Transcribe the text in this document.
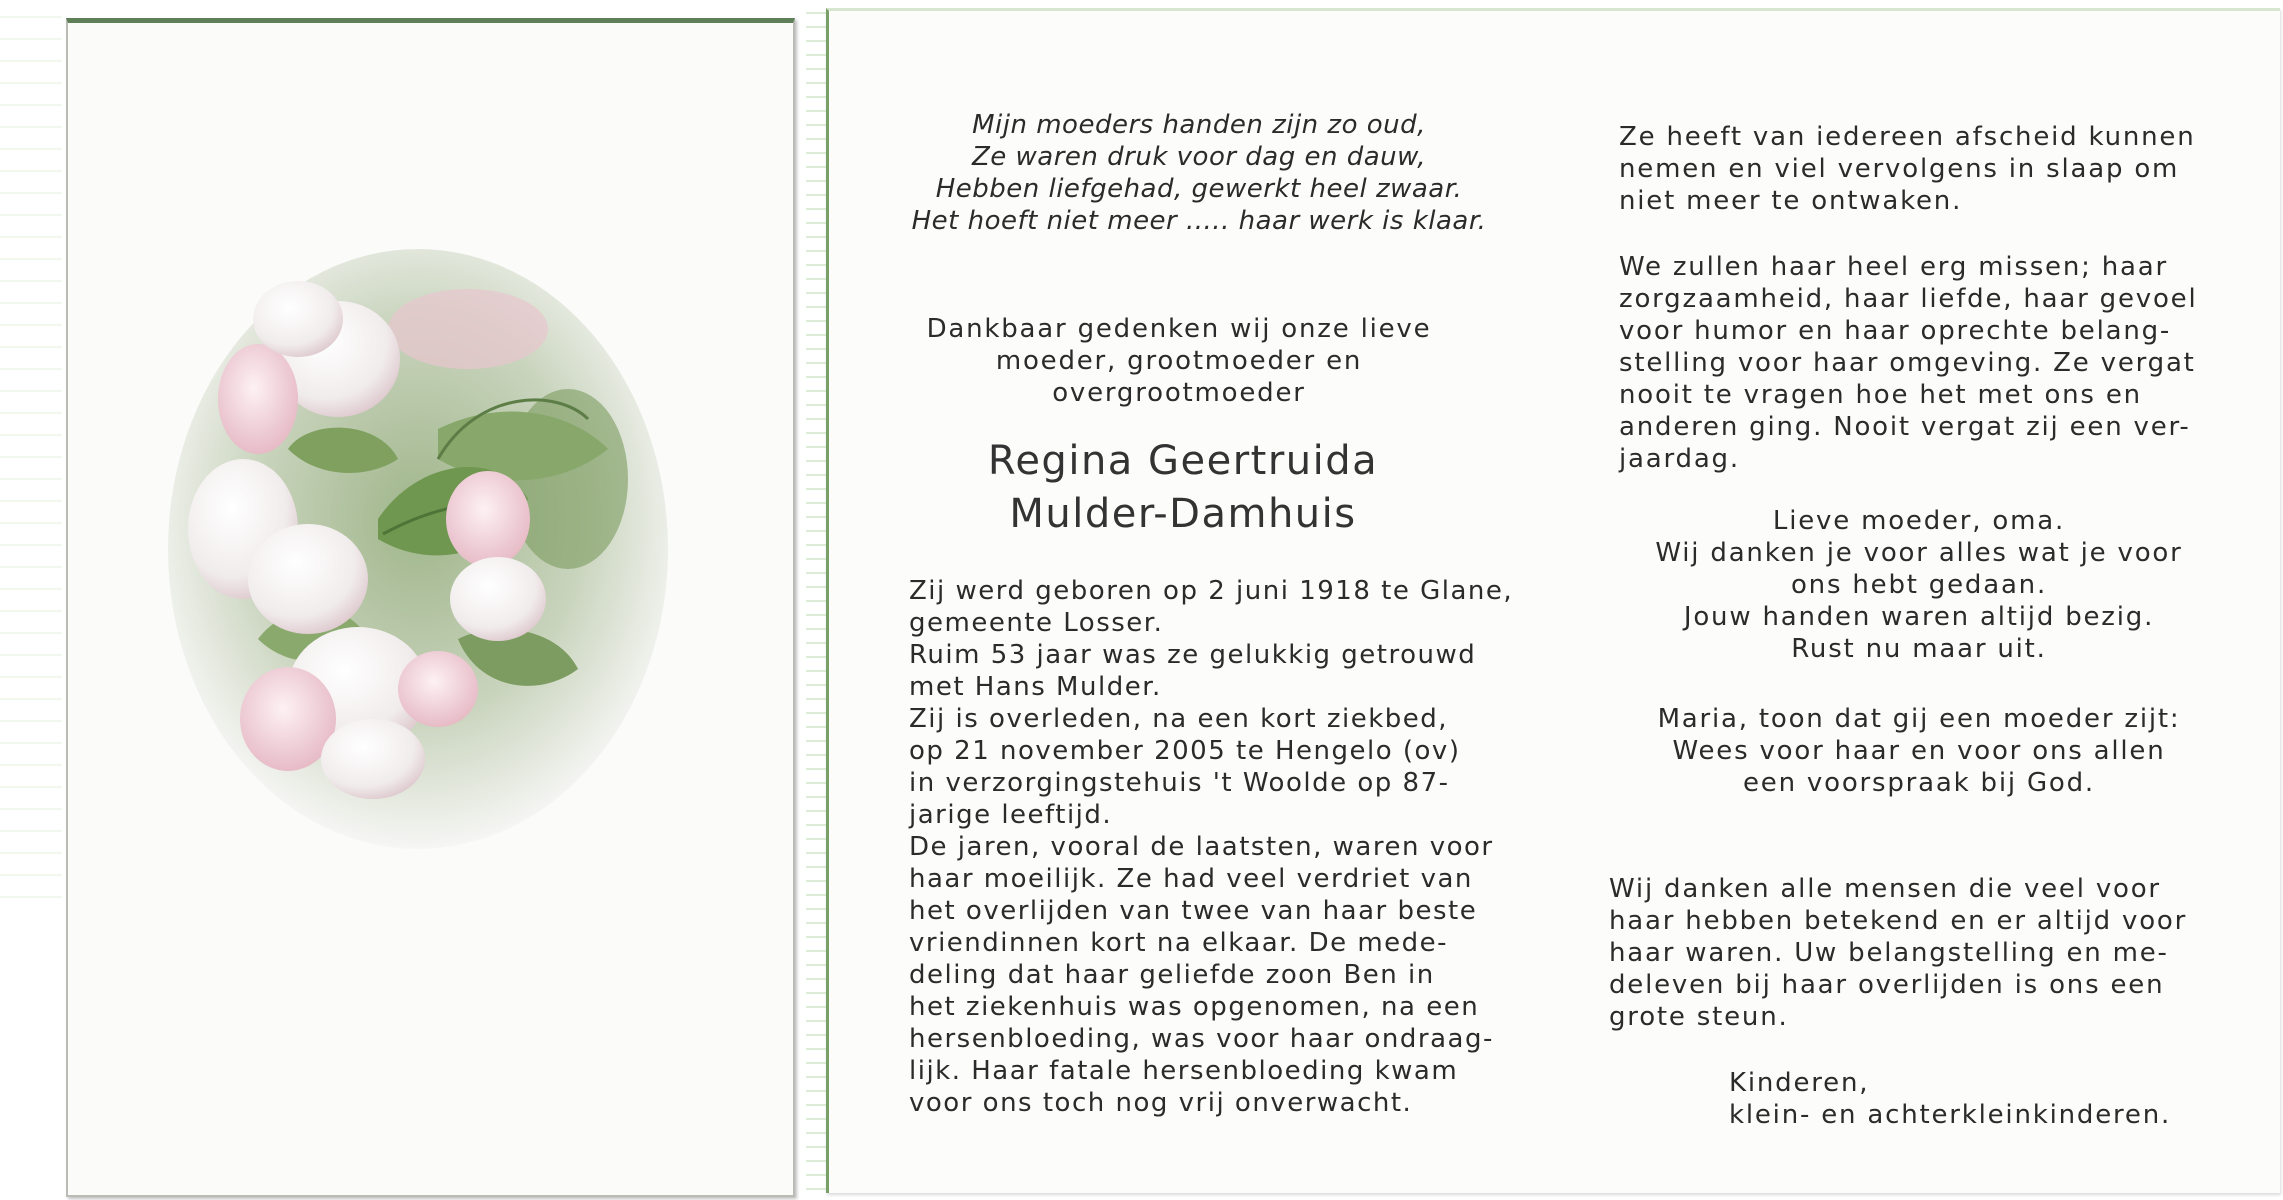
Mijn moeders handen zijn zo oud,
Ze waren druk voor dag en dauw,
Hebben liefgehad, gewerkt heel zwaar.
Het hoeft niet meer ..... haar werk is klaar.
Dankbaar gedenken wij onze lieve
moeder, grootmoeder en
overgrootmoeder
Regina Geertruida
Mulder-Damhuis
Zij werd geboren op 2 juni 1918 te Glane,
gemeente Losser.
Ruim 53 jaar was ze gelukkig getrouwd
met Hans Mulder.
Zij is overleden, na een kort ziekbed,
op 21 november 2005 te Hengelo (ov)
in verzorgingstehuis 't Woolde op 87-
jarige leeftijd.
De jaren, vooral de laatsten, waren voor
haar moeilijk. Ze had veel verdriet van
het overlijden van twee van haar beste
vriendinnen kort na elkaar. De mede-
deling dat haar geliefde zoon Ben in
het ziekenhuis was opgenomen, na een
hersenbloeding, was voor haar ondraag-
lijk. Haar fatale hersenbloeding kwam
voor ons toch nog vrij onverwacht.
Ze heeft van iedereen afscheid kunnen
nemen en viel vervolgens in slaap om
niet meer te ontwaken.
We zullen haar heel erg missen; haar
zorgzaamheid, haar liefde, haar gevoel
voor humor en haar oprechte belang-
stelling voor haar omgeving. Ze vergat
nooit te vragen hoe het met ons en
anderen ging. Nooit vergat zij een ver-
jaardag.
Lieve moeder, oma.
Wij danken je voor alles wat je voor
ons hebt gedaan.
Jouw handen waren altijd bezig.
Rust nu maar uit.
Maria, toon dat gij een moeder zijt:
Wees voor haar en voor ons allen
een voorspraak bij God.
Wij danken alle mensen die veel voor
haar hebben betekend en er altijd voor
haar waren. Uw belangstelling en me-
deleven bij haar overlijden is ons een
grote steun.
Kinderen,
klein- en achterkleinkinderen.
